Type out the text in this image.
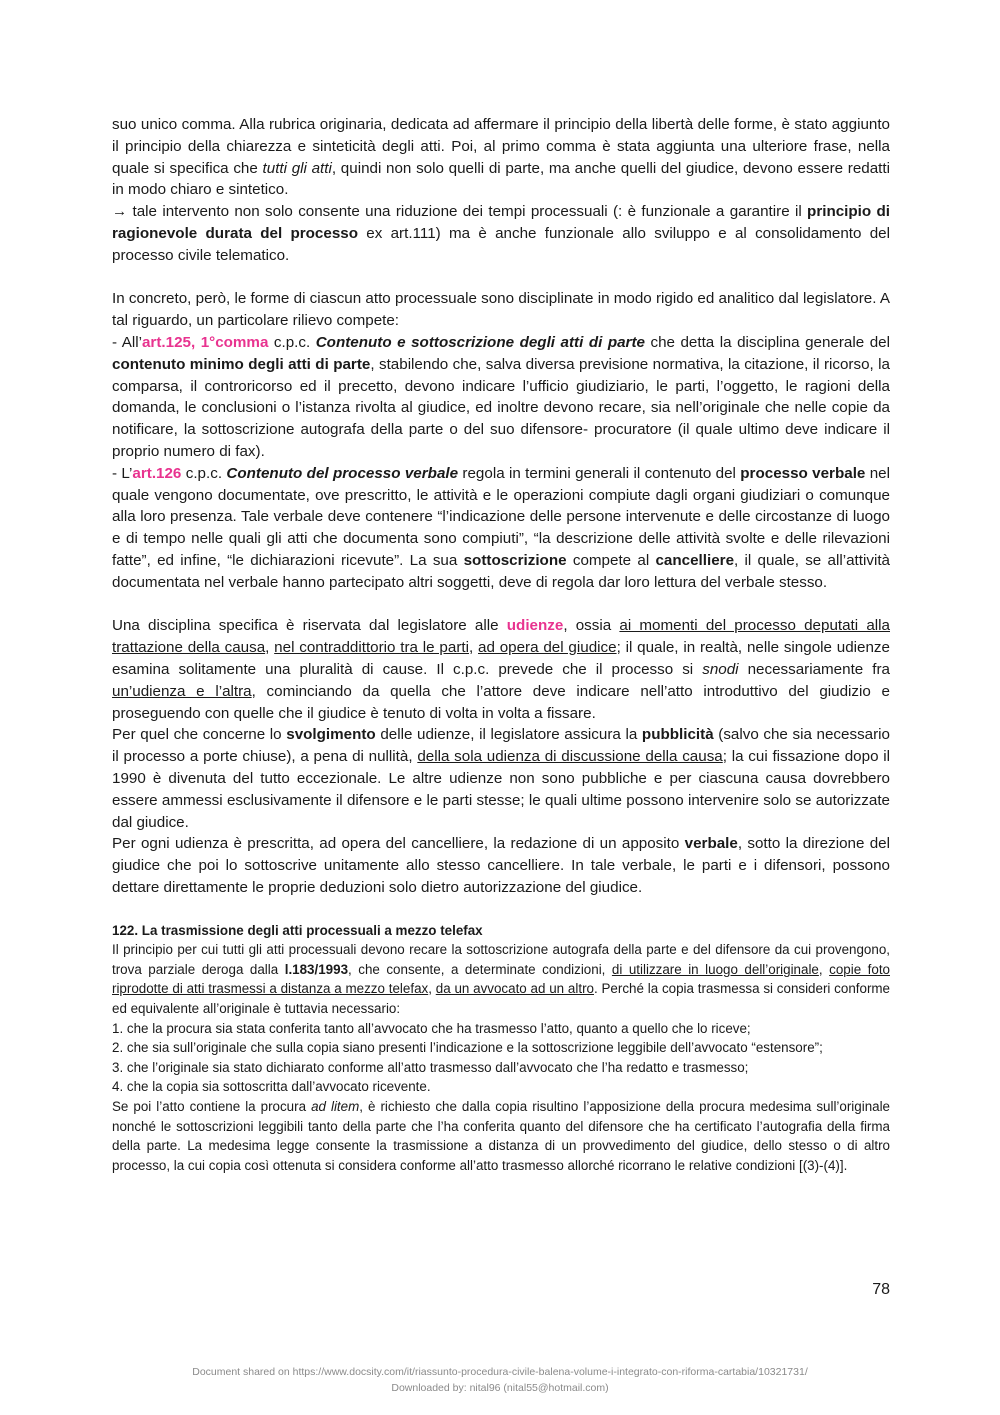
suo unico comma. Alla rubrica originaria, dedicata ad affermare il principio della libertà delle forme, è stato aggiunto il principio della chiarezza e sinteticità degli atti. Poi, al primo comma è stata aggiunta una ulteriore frase, nella quale si specifica che tutti gli atti, quindi non solo quelli di parte, ma anche quelli del giudice, devono essere redatti in modo chiaro e sintetico.

→ tale intervento non solo consente una riduzione dei tempi processuali (: è funzionale a garantire il principio di ragionevole durata del processo ex art.111) ma è anche funzionale allo sviluppo e al consolidamento del processo civile telematico.

In concreto, però, le forme di ciascun atto processuale sono disciplinate in modo rigido ed analitico dal legislatore. A tal riguardo, un particolare rilievo compete:

- All’art.125, 1°comma c.p.c. Contenuto e sottoscrizione degli atti di parte che detta la disciplina generale del contenuto minimo degli atti di parte, stabilendo che, salva diversa previsione normativa, la citazione, il ricorso, la comparsa, il controricorso ed il precetto, devono indicare l’ufficio giudiziario, le parti, l’oggetto, le ragioni della domanda, le conclusioni o l’istanza rivolta al giudice, ed inoltre devono recare, sia nell’originale che nelle copie da notificare, la sottoscrizione autografa della parte o del suo difensore- procuratore (il quale ultimo deve indicare il proprio numero di fax).

- L’art.126 c.p.c. Contenuto del processo verbale regola in termini generali il contenuto del processo verbale nel quale vengono documentate, ove prescritto, le attività e le operazioni compiute dagli organi giudiziari o comunque alla loro presenza. Tale verbale deve contenere “l’indicazione delle persone intervenute e delle circostanze di luogo e di tempo nelle quali gli atti che documenta sono compiuti”, “la descrizione delle attività svolte e delle rilevazioni fatte”, ed infine, “le dichiarazioni ricevute”. La sua sottoscrizione compete al cancelliere, il quale, se all’attività documentata nel verbale hanno partecipato altri soggetti, deve di regola dar loro lettura del verbale stesso.

Una disciplina specifica è riservata dal legislatore alle udienze, ossia ai momenti del processo deputati alla trattazione della causa, nel contraddittorio tra le parti, ad opera del giudice; il quale, in realtà, nelle singole udienze esamina solitamente una pluralità di cause. Il c.p.c. prevede che il processo si snodi necessariamente fra un’udienza e l’altra, cominciando da quella che l’attore deve indicare nell’atto introduttivo del giudizio e proseguendo con quelle che il giudice è tenuto di volta in volta a fissare.

Per quel che concerne lo svolgimento delle udienze, il legislatore assicura la pubblicità (salvo che sia necessario il processo a porte chiuse), a pena di nullità, della sola udienza di discussione della causa; la cui fissazione dopo il 1990 è divenuta del tutto eccezionale. Le altre udienze non sono pubbliche e per ciascuna causa dovrebbero essere ammessi esclusivamente il difensore e le parti stesse; le quali ultime possono intervenire solo se autorizzate dal giudice.

Per ogni udienza è prescritta, ad opera del cancelliere, la redazione di un apposito verbale, sotto la direzione del giudice che poi lo sottoscrive unitamente allo stesso cancelliere. In tale verbale, le parti e i difensori, possono dettare direttamente le proprie deduzioni solo dietro autorizzazione del giudice.

122. La trasmissione degli atti processuali a mezzo telefax

Il principio per cui tutti gli atti processuali devono recare la sottoscrizione autografa della parte e del difensore da cui provengono, trova parziale deroga dalla l.183/1993, che consente, a determinate condizioni, di utilizzare in luogo dell’originale, copie foto riprodotte di atti trasmessi a distanza a mezzo telefax, da un avvocato ad un altro. Perché la copia trasmessa si consideri conforme ed equivalente all’originale è tuttavia necessario:

1. che la procura sia stata conferita tanto all’avvocato che ha trasmesso l’atto, quanto a quello che lo riceve;

2. che sia sull’originale che sulla copia siano presenti l’indicazione e la sottoscrizione leggibile dell’avvocato “estensore”;

3. che l’originale sia stato dichiarato conforme all’atto trasmesso dall’avvocato che l’ha redatto e trasmesso;

4. che la copia sia sottoscritta dall’avvocato ricevente.

Se poi l’atto contiene la procura ad litem, è richiesto che dalla copia risultino l’apposizione della procura medesima sull’originale nonché le sottoscrizioni leggibili tanto della parte che l’ha conferita quanto del difensore che ha certificato l’autografia della firma della parte. La medesima legge consente la trasmissione a distanza di un provvedimento del giudice, dello stesso o di altro processo, la cui copia così ottenuta si considera conforme all’atto trasmesso allorché ricorrano le relative condizioni [(3)-(4)].

78
Document shared on https://www.docsity.com/it/riassunto-procedura-civile-balena-volume-i-integrato-con-riforma-cartabia/10321731/
Downloaded by: nital96 (nital55@hotmail.com)
